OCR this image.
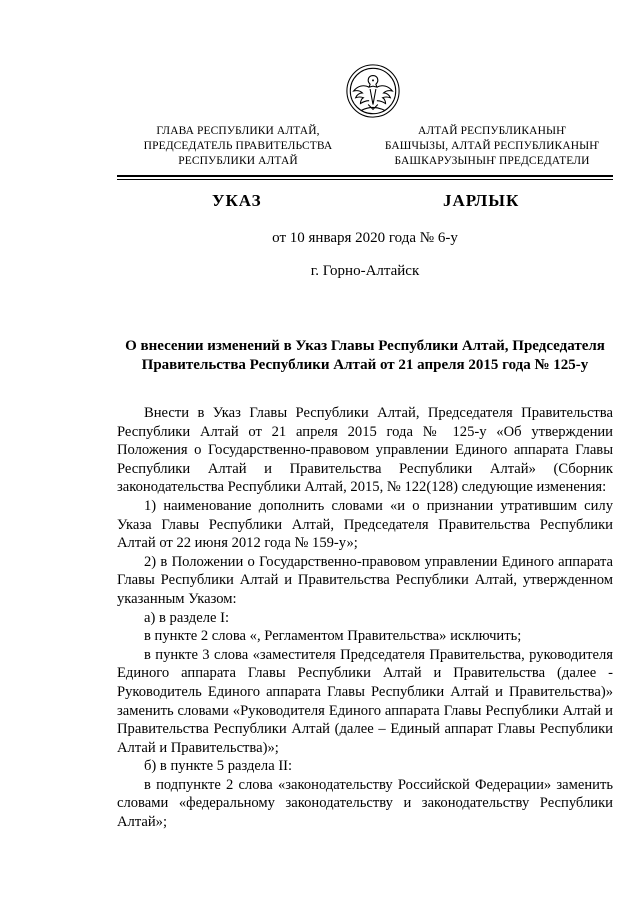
ГЛАВА РЕСПУБЛИКИ АЛТАЙ,
ПРЕДСЕДАТЕЛЬ ПРАВИТЕЛЬСТВА
РЕСПУБЛИКИ АЛТАЙ
АЛТАЙ РЕСПУБЛИКАНЫҤ
БАШЧЫЗЫ, АЛТАЙ РЕСПУБЛИКАНЫҤ
БАШКАРУЗЫНЫҤ ПРЕДСЕДАТЕЛИ
УКАЗ	ЈАРЛЫК
от 10 января 2020 года № 6-у
г. Горно-Алтайск
О внесении изменений в Указ Главы Республики Алтай, Председателя
Правительства Республики Алтай от 21 апреля 2015 года № 125-у

Внести в Указ Главы Республики Алтай, Председателя Правительства Республики Алтай от 21 апреля 2015 года № 125-у «Об утверждении Положения о Государственно-правовом управлении Единого аппарата Главы Республики Алтай и Правительства Республики Алтай» (Сборник законодательства Республики Алтай, 2015, № 122(128) следующие изменения:

1) наименование дополнить словами «и о признании утратившим силу Указа Главы Республики Алтай, Председателя Правительства Республики Алтай от 22 июня 2012 года № 159-у»;

2) в Положении о Государственно-правовом управлении Единого аппарата Главы Республики Алтай и Правительства Республики Алтай, утвержденном указанным Указом:

а) в разделе I:

в пункте 2 слова «, Регламентом Правительства» исключить;

в пункте 3 слова «заместителя Председателя Правительства, руководителя Единого аппарата Главы Республики Алтай и Правительства (далее - Руководитель Единого аппарата Главы Республики Алтай и Правительства)» заменить словами «Руководителя Единого аппарата Главы Республики Алтай и Правительства Республики Алтай (далее – Единый аппарат Главы Республики Алтай и Правительства)»;

б) в пункте 5 раздела II:

в подпункте 2 слова «законодательству Российской Федерации» заменить словами «федеральному законодательству и законодательству Республики Алтай»;
